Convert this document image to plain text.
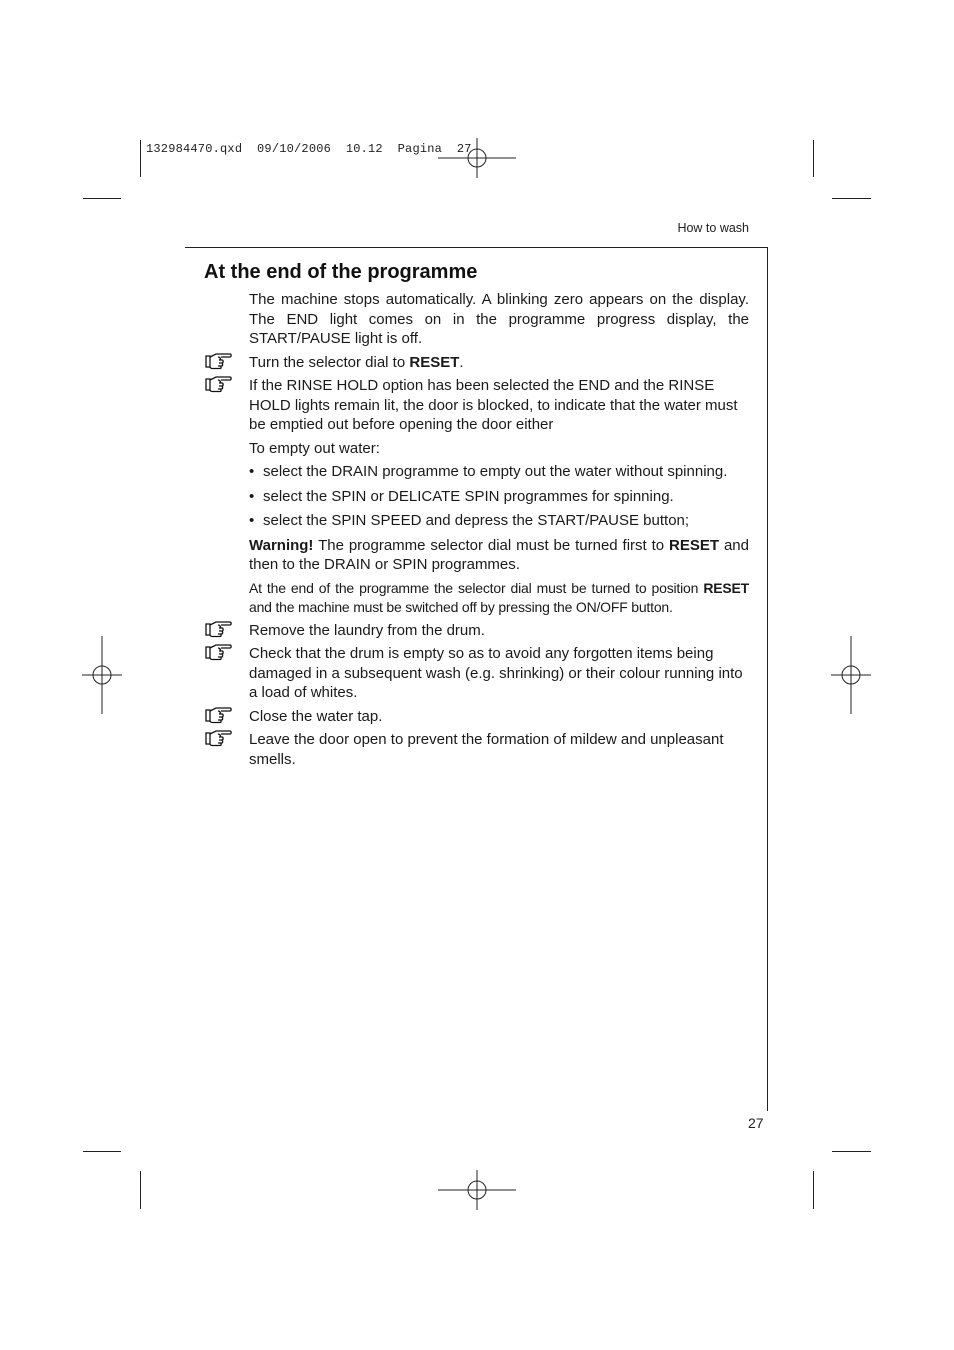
132984470.qxd  09/10/2006  10.12  Pagina  27
How to wash
At the end of the programme

The machine stops automatically. A blinking zero appears on the display. The END light comes on in the programme progress display, the START/PAUSE light is off.

Turn the selector dial to RESET.
If the RINSE HOLD option has been selected the END and the RINSE HOLD lights remain lit, the door is blocked, to indicate that the water must be emptied out before opening the door either

To empty out water:

• select the DRAIN programme to empty out the water without spinning.
• select the SPIN or DELICATE SPIN programmes for spinning.
• select the SPIN SPEED and depress the START/PAUSE button;

Warning! The programme selector dial must be turned first to RESET and then to the DRAIN or SPIN programmes.

At the end of the programme the selector dial must be turned to position RESET and the machine must be switched off by pressing the ON/OFF button.

Remove the laundry from the drum.
Check that the drum is empty so as to avoid any forgotten items being damaged in a subsequent wash (e.g. shrinking) or their colour running into a load of whites.
Close the water tap.
Leave the door open to prevent the formation of mildew and unpleasant smells.
27
